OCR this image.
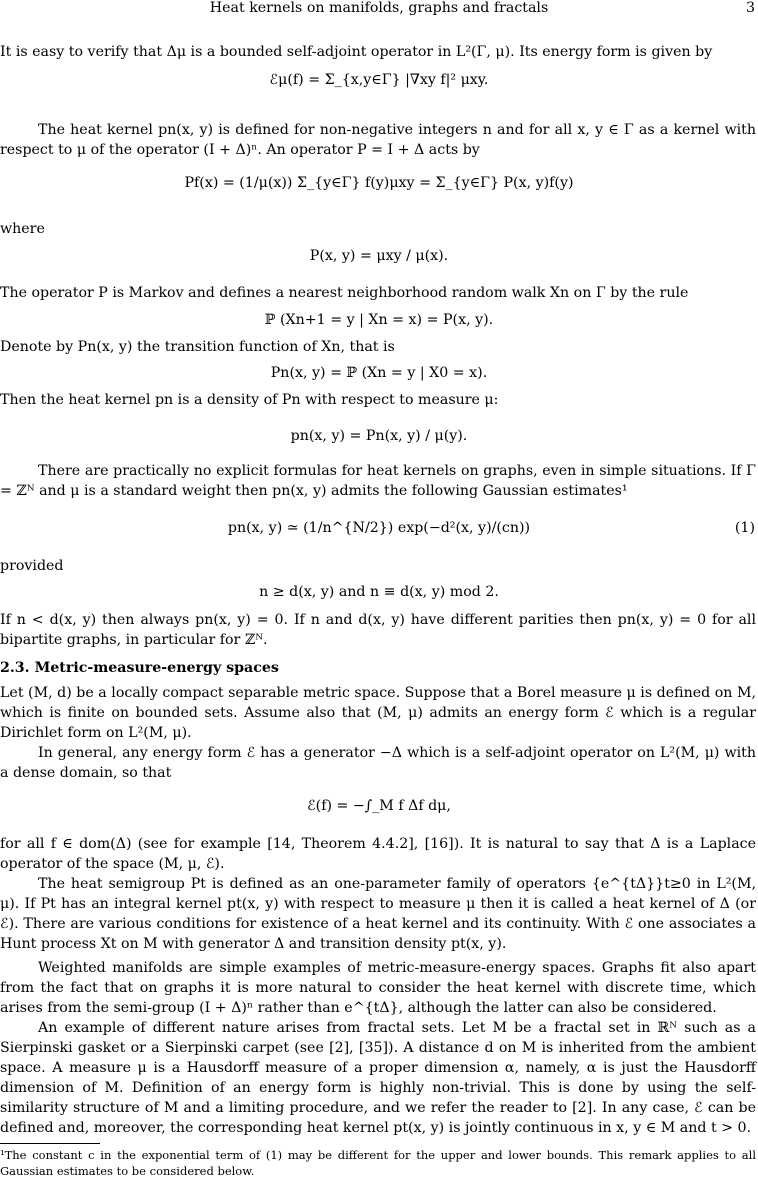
Heat kernels on manifolds, graphs and fractals	3
It is easy to verify that Δμ is a bounded self-adjoint operator in L²(Γ, μ). Its energy form is given by
ℰμ(f) = Σ_{x,y∈Γ} |∇xy f|² μxy.
The heat kernel pn(x, y) is defined for non-negative integers n and for all x, y ∈ Γ as a kernel with respect to μ of the operator (I + Δ)ⁿ. An operator P = I + Δ acts by
Pf(x) = (1/μ(x)) Σ_{y∈Γ} f(y)μxy = Σ_{y∈Γ} P(x, y)f(y)
where
P(x, y) = μxy / μ(x).
The operator P is Markov and defines a nearest neighborhood random walk Xn on Γ by the rule
ℙ (Xn+1 = y | Xn = x) = P(x, y).
Denote by Pn(x, y) the transition function of Xn, that is
Pn(x, y) = ℙ (Xn = y | X0 = x).
Then the heat kernel pn is a density of Pn with respect to measure μ:
pn(x, y) = Pn(x, y) / μ(y).
There are practically no explicit formulas for heat kernels on graphs, even in simple situations. If Γ = ℤᴺ and μ is a standard weight then pn(x, y) admits the following Gaussian estimates¹
pn(x, y) ≃ (1/n^{N/2}) exp(−d²(x, y)/(cn))	(1)
provided
n ≥ d(x, y) and n ≡ d(x, y) mod 2.
If n < d(x, y) then always pn(x, y) = 0. If n and d(x, y) have different parities then pn(x, y) = 0 for all bipartite graphs, in particular for ℤᴺ.
2.3. Metric-measure-energy spaces
Let (M, d) be a locally compact separable metric space. Suppose that a Borel measure μ is defined on M, which is finite on bounded sets. Assume also that (M, μ) admits an energy form ℰ which is a regular Dirichlet form on L²(M, μ).
In general, any energy form ℰ has a generator −Δ which is a self-adjoint operator on L²(M, μ) with a dense domain, so that
ℰ(f) = −∫_M f Δf dμ,
for all f ∈ dom(Δ) (see for example [14, Theorem 4.4.2], [16]). It is natural to say that Δ is a Laplace operator of the space (M, μ, ℰ).
The heat semigroup Pt is defined as an one-parameter family of operators {e^{tΔ}}t≥0 in L²(M, μ). If Pt has an integral kernel pt(x, y) with respect to measure μ then it is called a heat kernel of Δ (or ℰ). There are various conditions for existence of a heat kernel and its continuity. With ℰ one associates a Hunt process Xt on M with generator Δ and transition density pt(x, y).
Weighted manifolds are simple examples of metric-measure-energy spaces. Graphs fit also apart from the fact that on graphs it is more natural to consider the heat kernel with discrete time, which arises from the semi-group (I + Δ)ⁿ rather than e^{tΔ}, although the latter can also be considered.
An example of different nature arises from fractal sets. Let M be a fractal set in ℝᴺ such as a Sierpinski gasket or a Sierpinski carpet (see [2], [35]). A distance d on M is inherited from the ambient space. A measure μ is a Hausdorff measure of a proper dimension α, namely, α is just the Hausdorff dimension of M. Definition of an energy form is highly non-trivial. This is done by using the self-similarity structure of M and a limiting procedure, and we refer the reader to [2]. In any case, ℰ can be defined and, moreover, the corresponding heat kernel pt(x, y) is jointly continuous in x, y ∈ M and t > 0.
¹The constant c in the exponential term of (1) may be different for the upper and lower bounds. This remark applies to all Gaussian estimates to be considered below.
